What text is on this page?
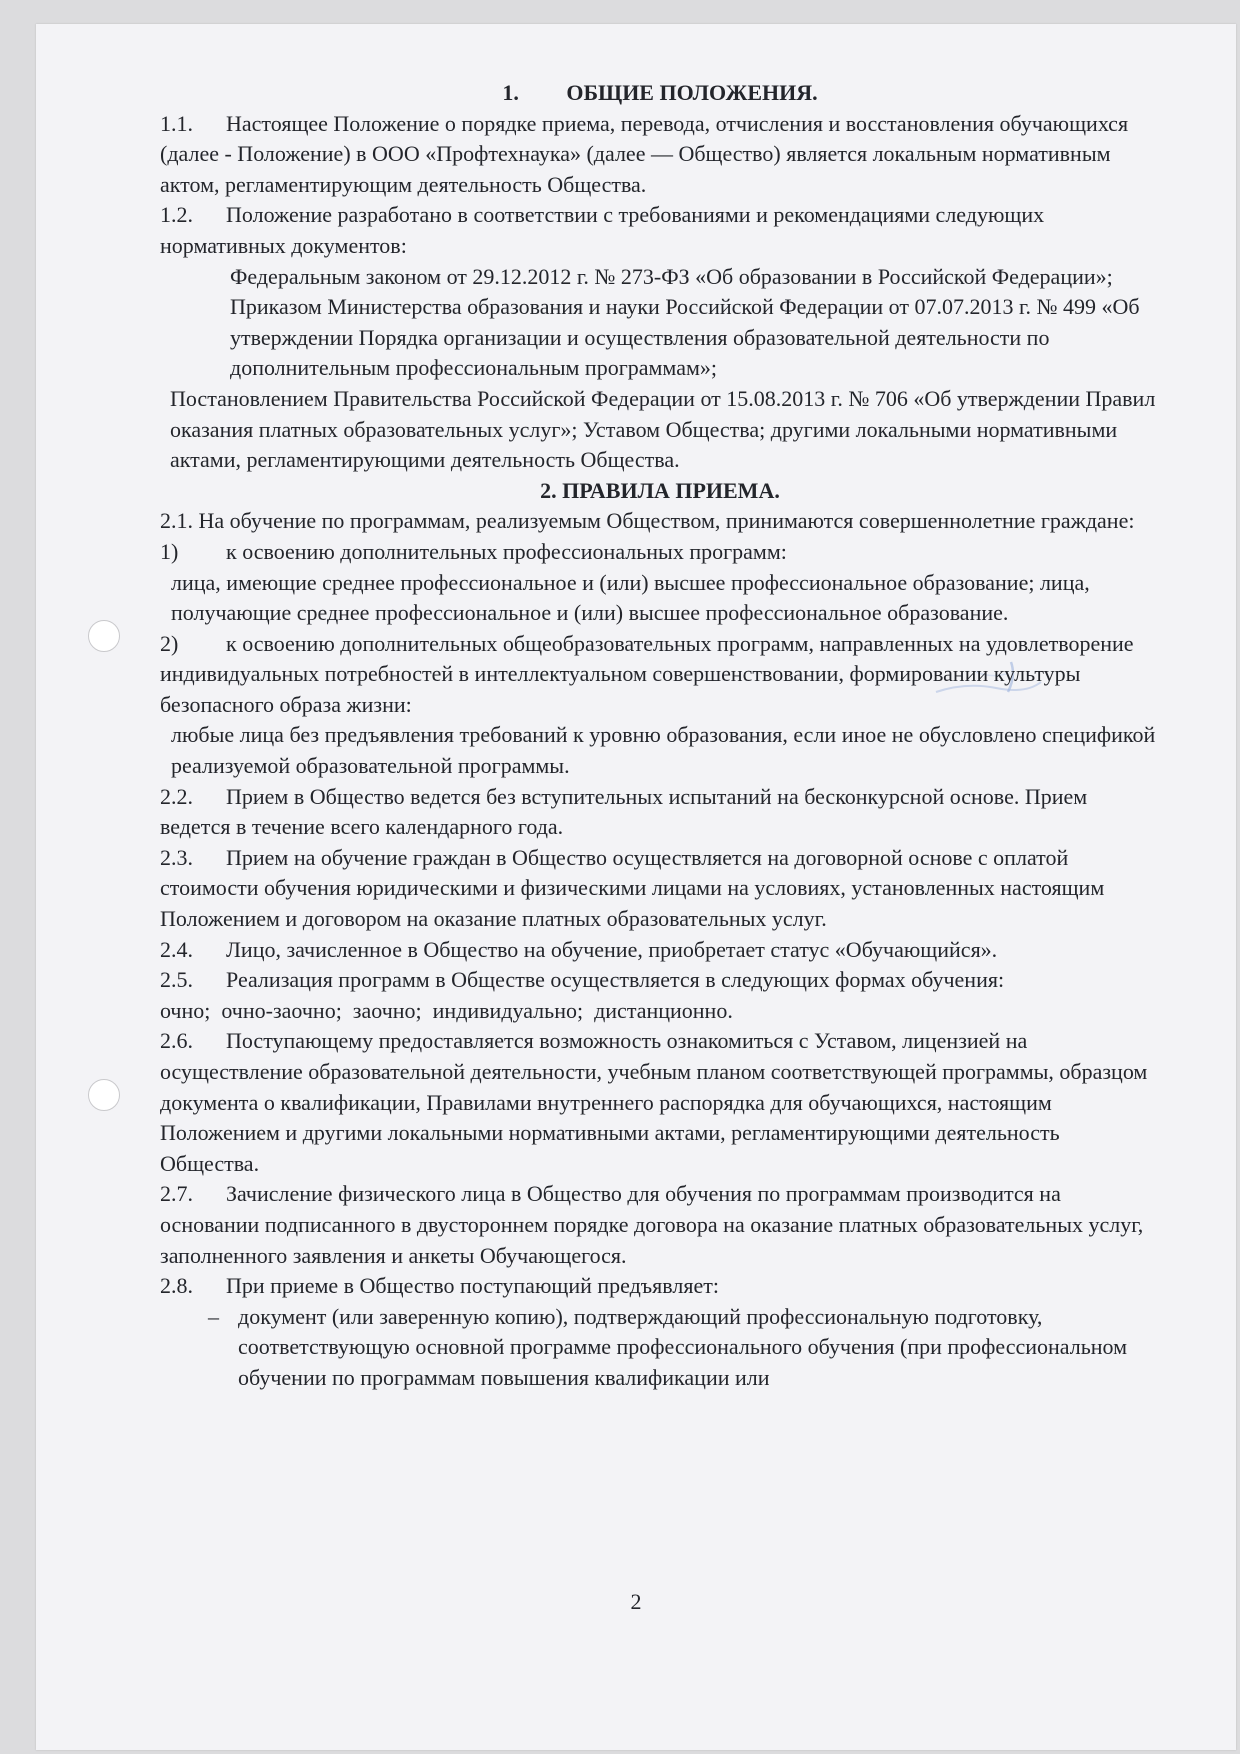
1. ОБЩИЕ ПОЛОЖЕНИЯ.

1.1. Настоящее Положение о порядке приема, перевода, отчисления и восстановления обучающихся (далее - Положение) в ООО «Профтехнаука» (далее — Общество) является локальным нормативным актом, регламентирующим деятельность Общества.

1.2. Положение разработано в соответствии с требованиями и рекомендациями следующих нормативных документов:

Федеральным законом от 29.12.2012 г. № 273-ФЗ «Об образовании в Российской Федерации»;

Приказом Министерства образования и науки Российской Федерации от 07.07.2013 г. № 499 «Об утверждении Порядка организации и осуществления образовательной деятельности по дополнительным профессиональным программам»;

Постановлением Правительства Российской Федерации от 15.08.2013 г. № 706 «Об утверждении Правил оказания платных образовательных услуг»; Уставом Общества; другими локальными нормативными актами, регламентирующими деятельность Общества.

2. ПРАВИЛА ПРИЕМА.

2.1. На обучение по программам, реализуемым Обществом, принимаются совершеннолетние граждане:

1) к освоению дополнительных профессиональных программ:

лица, имеющие среднее профессиональное и (или) высшее профессиональное образование; лица, получающие среднее профессиональное и (или) высшее профессиональное образование.

2) к освоению дополнительных общеобразовательных программ, направленных на удовлетворение индивидуальных потребностей в интеллектуальном совершенствовании, формировании культуры безопасного образа жизни:

любые лица без предъявления требований к уровню образования, если иное не обусловлено спецификой реализуемой образовательной программы.

2.2. Прием в Общество ведется без вступительных испытаний на бесконкурсной основе. Прием ведется в течение всего календарного года.

2.3. Прием на обучение граждан в Общество осуществляется на договорной основе с оплатой стоимости обучения юридическими и физическими лицами на условиях, установленных настоящим Положением и договором на оказание платных образовательных услуг.

2.4. Лицо, зачисленное в Общество на обучение, приобретает статус «Обучающийся».

2.5. Реализация программ в Обществе осуществляется в следующих формах обучения:

очно;  очно-заочно;  заочно;  индивидуально;  дистанционно.

2.6. Поступающему предоставляется возможность ознакомиться с Уставом, лицензией на осуществление образовательной деятельности, учебным планом соответствующей программы, образцом документа о квалификации, Правилами внутреннего распорядка для обучающихся, настоящим Положением и другими локальными нормативными актами, регламентирующими деятельность Общества.

2.7. Зачисление физического лица в Общество для обучения по программам производится на основании подписанного в двустороннем порядке договора на оказание платных образовательных услуг, заполненного заявления и анкеты Обучающегося.

2.8. При приеме в Общество поступающий предъявляет:

– документ (или заверенную копию), подтверждающий профессиональную подготовку, соответствующую основной программе профессионального обучения (при профессиональном обучении по программам повышения квалификации или
2
